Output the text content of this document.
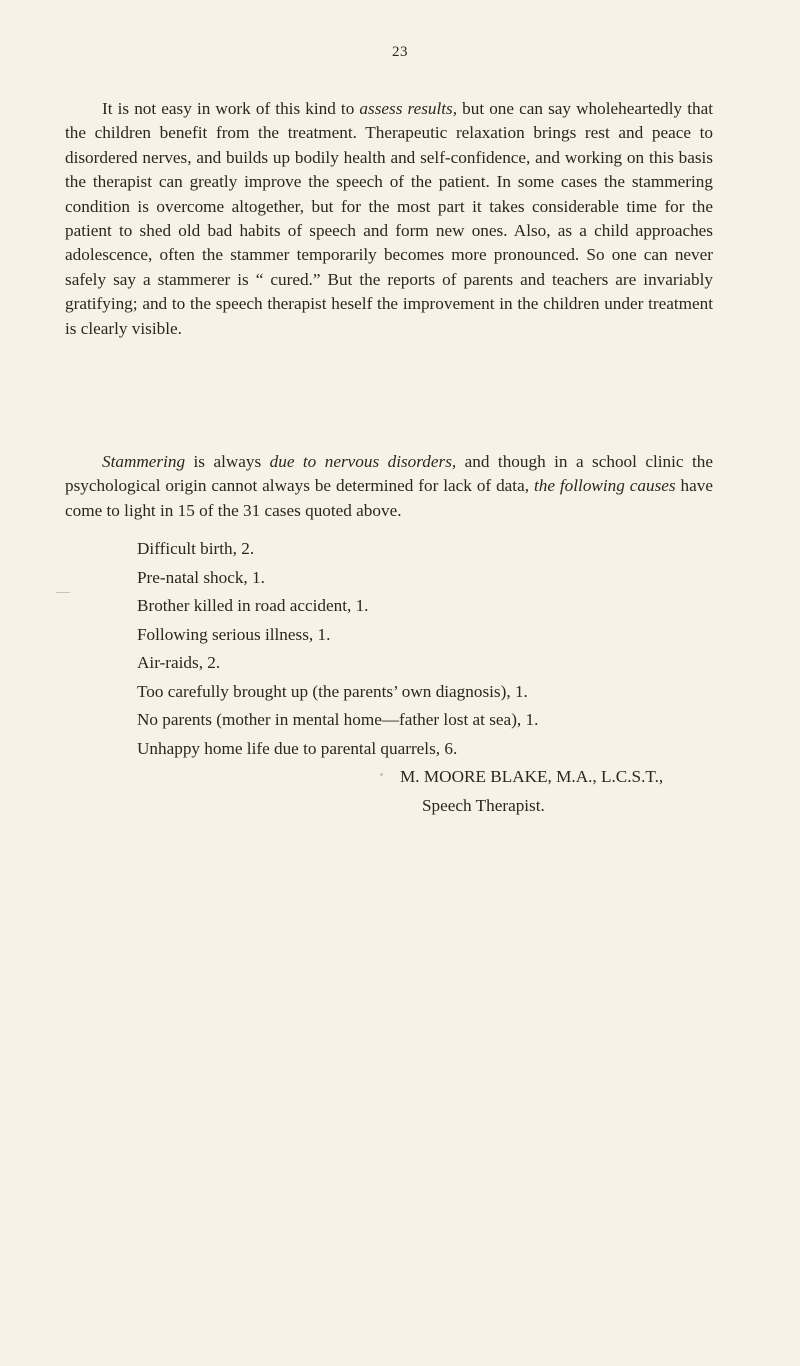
23

It is not easy in work of this kind to assess results, but one can say wholeheartedly that the children benefit from the treatment. Therapeutic relaxation brings rest and peace to disordered nerves, and builds up bodily health and self-confidence, and working on this basis the therapist can greatly improve the speech of the patient. In some cases the stammering condition is overcome altogether, but for the most part it takes considerable time for the patient to shed old bad habits of speech and form new ones. Also, as a child approaches adolescence, often the stammer temporarily becomes more pronounced. So one can never safely say a stammerer is “ cured.” But the reports of parents and teachers are invariably gratifying; and to the speech therapist heself the improvement in the children under treatment is clearly visible.

Stammering is always due to nervous disorders, and though in a school clinic the psychological origin cannot always be determined for lack of data, the following causes have come to light in 15 of the 31 cases quoted above.

Difficult birth, 2.
Pre-natal shock, 1.
Brother killed in road accident, 1.
Following serious illness, 1.
Air-raids, 2.
Too carefully brought up (the parents’ own diagnosis), 1.
No parents (mother in mental home—father lost at sea), 1.
Unhappy home life due to parental quarrels, 6.
M. MOORE BLAKE, M.A., L.C.S.T.,
Speech Therapist.
